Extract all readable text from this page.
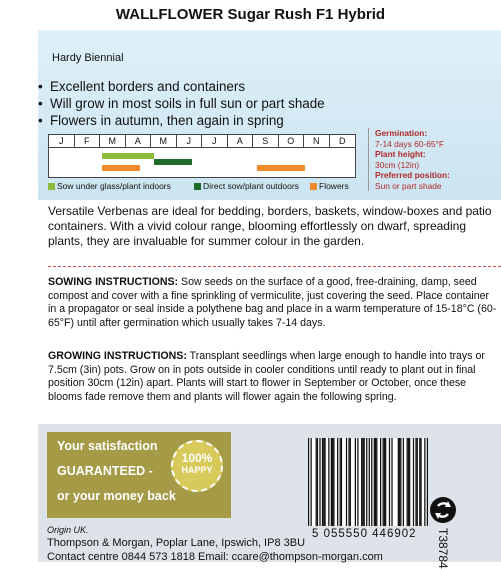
WALLFLOWER Sugar Rush F1 Hybrid
Hardy Biennial
• Excellent borders and containers
• Will grow in most soils in full sun or part shade
• Flowers in autumn, then again in spring
J	F	M	A	M	J	J	A	S	O	N	D
Sow under glass/plant indoors	Direct sow/plant outdoors	Flowers
Germination:
7-14 days 60-65°F
Plant height:
30cm (12in)
Preferred position:
Sun or part shade
Versatile Verbenas are ideal for bedding, borders, baskets, window-boxes and patio containers. With a vivid colour range, blooming effortlessly on dwarf, spreading plants, they are invaluable for summer colour in the garden.
SOWING INSTRUCTIONS: Sow seeds on the surface of a good, free-draining, damp, seed compost and cover with a fine sprinkling of vermiculite, just covering the seed. Place container in a propagator or seal inside a polythene bag and place in a warm temperature of 15-18°C (60-65°F) until after germination which usually takes 7-14 days.
GROWING INSTRUCTIONS: Transplant seedlings when large enough to handle into trays or 7.5cm (3in) pots. Grow on in pots outside in cooler conditions until ready to plant out in final position 30cm (12in) apart. Plants will start to flower in September or October, once these blooms fade remove them and plants will flower again the following spring.
Your satisfaction
GUARANTEED -
or your money back
100%
HAPPY
5 055550 446902
Origin UK.
Thompson & Morgan, Poplar Lane, Ipswich, IP8 3BU
Contact centre 0844 573 1818 Email: ccare@thompson-morgan.com	T38784
